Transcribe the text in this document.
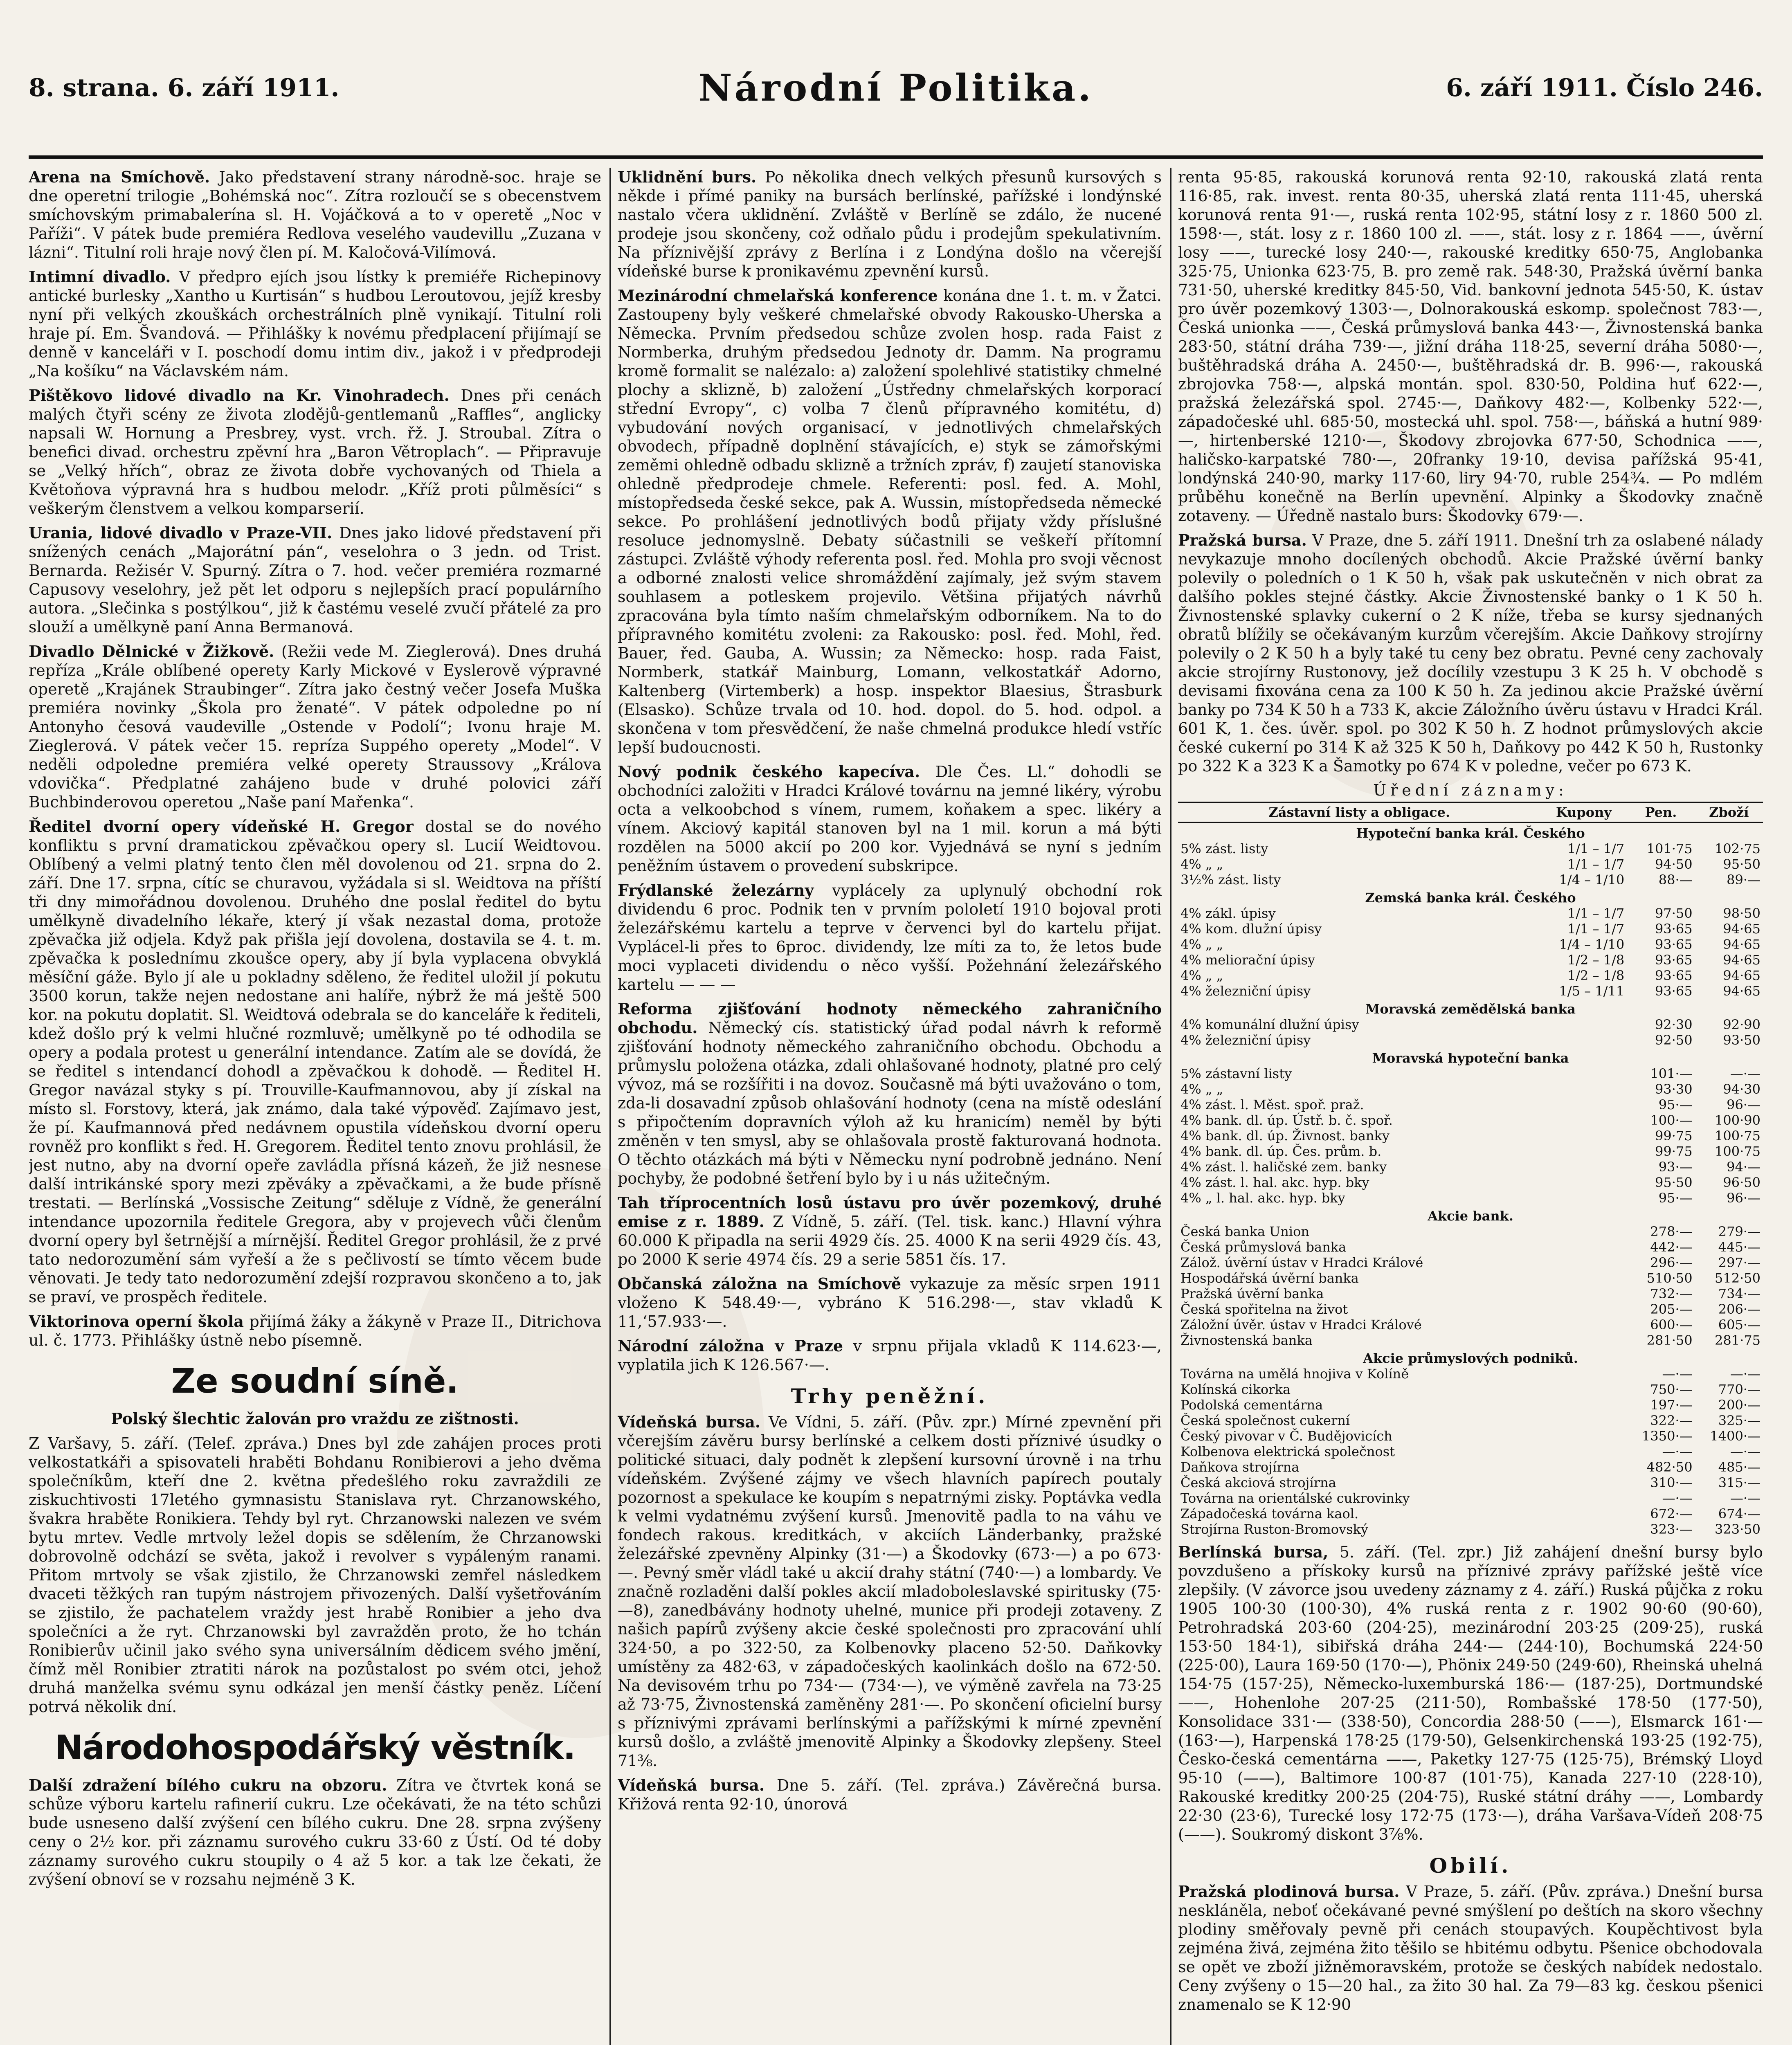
8. strana. 6. září 1911.	Národní Politika.	6. září 1911. Číslo 246.

Arena na Smíchově. Jako představení strany národně-soc. hraje se dne operetní trilogie „Bohémská noc“. Zítra rozloučí se s obecenstvem smíchovským primabalerína sl. H. Vojáčková a to v operetě „Noc v Paříži“. V pátek bude premiéra Redlova veselého vaudevillu „Zuzana v lázni“. Titulní roli hraje nový člen pí. M. Kaločová-Vilímová.

Intimní divadlo. V předpro ejích jsou lístky k premiéře Richepinovy antické burlesky „Xantho u Kurtisán“ s hudbou Leroutovou, jejíž kresby nyní při velkých zkouškách orchestrálních plně vynikají. Titulní roli hraje pí. Em. Švandová. — Přihlášky k novému předplacení přijímají se denně v kanceláři v I. poschodí domu intim div., jakož i v předprodeji „Na košíku“ na Václavském nám.

Pištěkovo lidové divadlo na Kr. Vinohradech. Dnes při cenách malých čtyři scény ze života zlodějů-gentlemanů „Raffles“, anglicky napsali W. Hornung a Presbrey, vyst. vrch. řž. J. Stroubal. Zítra o benefici divad. orchestru zpěvní hra „Baron Větroplach“. — Připravuje se „Velký hřích“, obraz ze života dobře vychovaných od Thiela a Květoňova výpravná hra s hudbou melodr. „Kříž proti půlměsíci“ s veškerým členstvem a velkou komparserií.

Urania, lidové divadlo v Praze-VII. Dnes jako lidové představení při snížených cenách „Majorátní pán“, veselohra o 3 jedn. od Trist. Bernarda. Režisér V. Spurný. Zítra o 7. hod. večer premiéra rozmarné Capusovy veselohry, jež pět let odporu s nejlepších prací populárního autora. „Slečinka s postýlkou“, již k častému veselé zvučí přátelé za pro slouží a umělkyně paní Anna Bermanová.

Divadlo Dělnické v Žižkově. (Režii vede M. Zieglerová). Dnes druhá repříza „Krále oblíbené operety Karly Mickové v Eyslerově výpravné operetě „Krajánek Straubinger“. Zítra jako čestný večer Josefa Muška premiéra novinky „Škola pro ženaté“. V pátek odpoledne po ní Antonyho česová vaudeville „Ostende v Podolí“; Ivonu hraje M. Zieglerová. V pátek večer 15. repríza Suppého operety „Model“. V neděli odpoledne premiéra velké operety Straussovy „Králova vdovička“. Předplatné zahájeno bude v druhé polovici září Buchbinderovou operetou „Naše paní Mařenka“.

Ředitel dvorní opery vídeňské H. Gregor dostal se do nového konfliktu s první dramatickou zpěvačkou opery sl. Lucií Weidtovou. Oblíbený a velmi platný tento člen měl dovolenou od 21. srpna do 2. září. Dne 17. srpna, cítíc se churavou, vyžádala si sl. Weidtova na příští tři dny mimořádnou dovolenou. Druhého dne poslal ředitel do bytu umělkyně divadelního lékaře, který jí však nezastal doma, protože zpěvačka již odjela. Když pak přišla její dovolena, dostavila se 4. t. m. zpěvačka k poslednímu zkoušce opery, aby jí byla vyplacena obvyklá měsíční gáže. Bylo jí ale u pokladny sděleno, že ředitel uložil jí pokutu 3500 korun, takže nejen nedostane ani halíře, nýbrž že má ještě 500 kor. na pokutu doplatit. Sl. Weidtová odebrala se do kanceláře k řediteli, kdež došlo prý k velmi hlučné rozmluvě; umělkyně po té odhodila se opery a podala protest u generální intendance. Zatím ale se dovídá, že se ředitel s intendancí dohodl a zpěvačkou k dohodě. — Ředitel H. Gregor navázal styky s pí. Trouville-Kaufmannovou, aby jí získal na místo sl. Forstovy, která, jak známo, dala také výpověď. Zajímavo jest, že pí. Kaufmannová před nedávnem opustila vídeňskou dvorní operu rovněž pro konflikt s řed. H. Gregorem. Ředitel tento znovu prohlásil, že jest nutno, aby na dvorní opeře zavládla přísná kázeň, že již nesnese další intrikánské spory mezi zpěváky a zpěvačkami, a že bude přísně trestati. — Berlínská „Vossische Zeitung“ sděluje z Vídně, že generální intendance upozornila ředitele Gregora, aby v projevech vůči členům dvorní opery byl šetrnější a mírnější. Ředitel Gregor prohlásil, že z prvé tato nedorozumění sám vyřeší a že s pečlivostí se tímto věcem bude věnovati. Je tedy tato nedorozumění zdejší rozpravou skončeno a to, jak se praví, ve prospěch ředitele.

Viktorinova operní škola přijímá žáky a žákyně v Praze II., Ditrichova ul. č. 1773. Přihlášky ústně nebo písemně.

Ze soudní síně.

Polský šlechtic žalován pro vraždu ze zištnosti.

Z Varšavy, 5. září. (Telef. zpráva.) Dnes byl zde zahájen proces proti velkostatkáři a spisovateli hraběti Bohdanu Ronibierovi a jeho dvěma společníkům, kteří dne 2. května předešlého roku zavraždili ze ziskuchtivosti 17letého gymnasistu Stanislava ryt. Chrzanowského, švakra hraběte Ronikiera. Tehdy byl ryt. Chrzanowski nalezen ve svém bytu mrtev. Vedle mrtvoly ležel dopis se sdělením, že Chrzanowski dobrovolně odchází se světa, jakož i revolver s vypáleným ranami. Přitom mrtvoly se však zjistilo, že Chrzanowski zemřel následkem dvaceti těžkých ran tupým nástrojem přivozených. Další vyšetřováním se zjistilo, že pachatelem vraždy jest hrabě Ronibier a jeho dva společníci a že ryt. Chrzanowski byl zavražděn proto, že ho tchán Ronibierův učinil jako svého syna universálním dědicem svého jmění, čímž měl Ronibier ztratiti nárok na pozůstalost po svém otci, jehož druhá manželka svému synu odkázal jen menší částky peněz. Líčení potrvá několik dní.

Národohospodářský věstník.

Další zdražení bílého cukru na obzoru. Zítra ve čtvrtek koná se schůze výboru kartelu rafinerií cukru. Lze očekávati, že na této schůzi bude usneseno další zvýšení cen bílého cukru. Dne 28. srpna zvýšeny ceny o 2½ kor. při záznamu surového cukru 33·60 z Ústí. Od té doby záznamy surového cukru stoupily o 4 až 5 kor. a tak lze čekati, že zvýšení obnoví se v rozsahu nejméně 3 K.

Uklidnění burs. Po několika dnech velkých přesunů kursových s někde i přímé paniky na bursách berlínské, pařížské i londýnské nastalo včera uklidnění. Zvláště v Berlíně se zdálo, že nucené prodeje jsou skončeny, což odňalo půdu i prodejům spekulativním. Na příznivější zprávy z Berlína i z Londýna došlo na včerejší vídeňské burse k pronikavému zpevnění kursů.

Mezinárodní chmelařská konference konána dne 1. t. m. v Žatci. Zastoupeny byly veškeré chmelařské obvody Rakousko-Uherska a Německa. Prvním předsedou schůze zvolen hosp. rada Faist z Normberka, druhým předsedou Jednoty dr. Damm. Na programu kromě formalit se nalézalo: a) založení spolehlivé statistiky chmelné plochy a sklizně, b) založení „Ústředny chmelařských korporací střední Evropy“, c) volba 7 členů přípravného komitétu, d) vybudování nových organisací, v jednotlivých chmelařských obvodech, případně doplnění stávajících, e) styk se zámořskými zeměmi ohledně odbadu sklizně a tržních zpráv, f) zaujetí stanoviska ohledně předprodeje chmele. Referenti: posl. fed. A. Mohl, místopředseda české sekce, pak A. Wussin, místopředseda německé sekce. Po prohlášení jednotlivých bodů přijaty vždy příslušné resoluce jednomyslně. Debaty súčastnili se veškeří přítomní zástupci. Zvláště výhody referenta posl. řed. Mohla pro svoji věcnost a odborné znalosti velice shromáždění zajímaly, jež svým stavem souhlasem a potleskem projevilo. Většina přijatých návrhů zpracována byla tímto naším chmelařským odborníkem. Na to do přípravného komitétu zvoleni: za Rakousko: posl. řed. Mohl, řed. Bauer, řed. Gauba, A. Wussin; za Německo: hosp. rada Faist, Normberk, statkář Mainburg, Lomann, velkostatkář Adorno, Kaltenberg (Virtemberk) a hosp. inspektor Blaesius, Štrasburk (Elsasko). Schůze trvala od 10. hod. dopol. do 5. hod. odpol. a skončena v tom přesvědčení, že naše chmelná produkce hledí vstříc lepší budoucnosti.

Nový podnik českého kapecíva. Dle Čes. Ll.“ dohodli se obchodníci založiti v Hradci Králové továrnu na jemné likéry, výrobu octa a velkoobchod s vínem, rumem, koňakem a spec. likéry a vínem. Akciový kapitál stanoven byl na 1 mil. korun a má býti rozdělen na 5000 akcií po 200 kor. Vyjednává se nyní s jedním peněžním ústavem o provedení subskripce.

Frýdlanské železárny vyplácely za uplynulý obchodní rok dividendu 6 proc. Podnik ten v prvním pololetí 1910 bojoval proti železářskému kartelu a teprve v červenci byl do kartelu přijat. Vyplácel-li přes to 6proc. dividendy, lze míti za to, že letos bude moci vyplaceti dividendu o něco vyšší. Požehnání železářského kartelu — — —

Reforma zjišťování hodnoty německého zahraničního obchodu. Německý cís. statistický úřad podal návrh k reformě zjišťování hodnoty německého zahraničního obchodu. Obchodu a průmyslu položena otázka, zdali ohlašované hodnoty, platné pro celý vývoz, má se rozšířiti i na dovoz. Současně má býti uvažováno o tom, zda-li dosavadní způsob ohlašování hodnoty (cena na místě odeslání s připočtením dopravních výloh až ku hranicím) neměl by býti změněn v ten smysl, aby se ohlašovala prostě fakturovaná hodnota. O těchto otázkách má býti v Německu nyní podrobně jednáno. Není pochyby, že podobné šetření bylo by i u nás užitečným.

Tah tříprocentních losů ústavu pro úvěr pozemkový, druhé emise z r. 1889. Z Vídně, 5. září. (Tel. tisk. kanc.) Hlavní výhra 60.000 K připadla na serii 4929 čís. 25. 4000 K na serii 4929 čís. 43, po 2000 K serie 4974 čís. 29 a serie 5851 čís. 17.

Občanská záložna na Smíchově vykazuje za měsíc srpen 1911 vloženo K 548.49·—, vybráno K 516.298·—, stav vkladů K 11,‘57.933·—.

Národní záložna v Praze v srpnu přijala vkladů K 114.623·—, vyplatila jich K 126.567·—.

Trhy peněžní.

Vídeňská bursa. Ve Vídni, 5. září. (Pův. zpr.) Mírné zpevnění při včerejším závěru bursy berlínské a celkem dosti příznivé úsudky o politické situaci, daly podnět k zlepšení kursovní úrovně i na trhu vídeňském. Zvýšené zájmy ve všech hlavních papírech poutaly pozornost a spekulace ke koupím s nepatrnými zisky. Poptávka vedla k velmi vydatnému zvýšení kursů. Jmenovitě padla to na váhu ve fondech rakous. kreditkách, v akciích Länderbanky, pražské železářské zpevněny Alpinky (31·—) a Škodovky (673·—) a po 673·—. Pevný směr vládl také u akcií drahy státní (740·—) a lombardy. Ve značně rozladěni další pokles akcií mladoboleslavské spiritusky (75·—8), zanedbávány hodnoty uhelné, munice při prodeji zotaveny. Z našich papírů zvýšeny akcie české společnosti pro zpracování uhlí 324·50, a po 322·50, za Kolbenovky placeno 52·50. Daňkovky umístěny za 482·63, v západočeských kaolinkách došlo na 672·50. Na devisovém trhu po 734·— (734·—), ve výměně zavřela na 73·25 až 73·75, Živnostenská zaměněny 281·—. Po skončení oficielní bursy s příznivými zprávami berlínskými a pařížskými k mírné zpevnění kursů došlo, a zvláště jmenovitě Alpinky a Škodovky zlepšeny. Steel 71⅜.

Vídeňská bursa. Dne 5. září. (Tel. zpráva.) Závěrečná bursa. Křižová renta 92·10, únorová

renta 95·85, rakouská korunová renta 92·10, rakouská zlatá renta 116·85, rak. invest. renta 80·35, uherská zlatá renta 111·45, uherská korunová renta 91·—, ruská renta 102·95, státní losy z r. 1860 500 zl. 1598·—, stát. losy z r. 1860 100 zl. ——, stát. losy z r. 1864 ——, úvěrní losy ——, turecké losy 240·—, rakouské kreditky 650·75, Anglobanka 325·75, Unionka 623·75, B. pro země rak. 548·30, Pražská úvěrní banka 731·50, uherské kreditky 845·50, Vid. bankovní jednota 545·50, K. ústav pro úvěr pozemkový 1303·—, Dolnorakouská eskomp. společnost 783·—, Česká unionka ——, Česká průmyslová banka 443·—, Živnostenská banka 283·50, státní dráha 739·—, jižní dráha 118·25, severní dráha 5080·—, buštěhradská dráha A. 2450·—, buštěhradská dr. B. 996·—, rakouská zbrojovka 758·—, alpská montán. spol. 830·50, Poldina huť 622·—, pražská železářská spol. 2745·—, Daňkovy 482·—, Kolbenky 522·—, západočeské uhl. 685·50, mostecká uhl. spol. 758·—, báňská a hutní 989·—, hirtenberské 1210·—, Škodovy zbrojovka 677·50, Schodnica ——, haličsko-karpatské 780·—, 20franky 19·10, devisa pařížská 95·41, londýnská 240·90, marky 117·60, liry 94·70, ruble 254¾. — Po mdlém průběhu konečně na Berlín upevnění. Alpinky a Škodovky značně zotaveny. — Úředně nastalo burs: Škodovky 679·—.

Pražská bursa. V Praze, dne 5. září 1911. Dnešní trh za oslabené nálady nevykazuje mnoho docílených obchodů. Akcie Pražské úvěrní banky polevily o poledních o 1 K 50 h, však pak uskutečněn v nich obrat za dalšího pokles stejné částky. Akcie Živnostenské banky o 1 K 50 h. Živnostenské splavky cukerní o 2 K níže, třeba se kursy sjednaných obratů blížily se očekávaným kurzům včerejším. Akcie Daňkovy strojírny polevily o 2 K 50 h a byly také tu ceny bez obratu. Pevné ceny zachovaly akcie strojírny Rustonovy, jež docílily vzestupu 3 K 25 h. V obchodě s devisami fixována cena za 100 K 50 h. Za jedinou akcie Pražské úvěrní banky po 734 K 50 h a 733 K, akcie Záložního úvěru ústavu v Hradci Král. 601 K, 1. čes. úvěr. spol. po 302 K 50 h. Z hodnot průmyslových akcie české cukerní po 314 K až 325 K 50 h, Daňkovy po 442 K 50 h, Rustonky po 322 K a 323 K a Šamotky po 674 K v poledne, večer po 673 K.

Úřední záznamy:
Zástavní listy a obligace.	Kupony	Pen.	Zboží
Hypoteční banka král. Českého			
5% zást. listy	1/1 – 1/7	101·75	102·75
4% „ „	1/1 – 1/7	94·50	95·50
3½% zást. listy	1/4 – 1/10	88·—	89·—
Zemská banka král. Českého			
4% zákl. úpisy	1/1 – 1/7	97·50	98·50
4% kom. dlužní úpisy	1/1 – 1/7	93·65	94·65
4% „ „	1/4 – 1/10	93·65	94·65
4% meliorační úpisy	1/2 – 1/8	93·65	94·65
4% „ „	1/2 – 1/8	93·65	94·65
4% železniční úpisy	1/5 – 1/11	93·65	94·65
Moravská zemědělská banka			
4% komunální dlužní úpisy		92·30	92·90
4% železniční úpisy		92·50	93·50
Moravská hypoteční banka			
5% zástavní listy		101·—	—·—
4% „ „		93·30	94·30
4% zást. l. Měst. spoř. praž.		95·—	96·—
4% bank. dl. úp. Ústř. b. č. spoř.		100·—	100·90
4% bank. dl. úp. Živnost. banky		99·75	100·75
4% bank. dl. úp. Čes. prům. b.		99·75	100·75
4% zást. l. haličské zem. banky		93·—	94·—
4% zást. l. hal. akc. hyp. bky		95·50	96·50
4% „ l. hal. akc. hyp. bky		95·—	96·—
Akcie bank.			
Česká banka Union		278·—	279·—
Česká průmyslová banka		442·—	445·—
Zálož. úvěrní ústav v Hradci Králové		296·—	297·—
Hospodářská úvěrní banka		510·50	512·50
Pražská úvěrní banka		732·—	734·—
Česká spořitelna na život		205·—	206·—
Záložní úvěr. ústav v Hradci Králové		600·—	605·—
Živnostenská banka		281·50	281·75
Akcie průmyslových podniků.			
Továrna na umělá hnojiva v Kolíně		—·—	—·—
Kolínská cikorka		750·—	770·—
Podolská cementárna		197·—	200·—
Česká společnost cukerní		322·—	325·—
Český pivovar v Č. Budějovicích		1350·—	1400·—
Kolbenova elektrická společnost		—·—	—·—
Daňkova strojírna		482·50	485·—
Česká akciová strojírna		310·—	315·—
Továrna na orientálské cukrovinky		—·—	—·—
Západočeská továrna kaol.		672·—	674·—
Strojírna Ruston-Bromovský		323·—	323·50

Berlínská bursa, 5. září. (Tel. zpr.) Již zahájení dnešní bursy bylo povzdušeno a přískoky kursů na příznivé zprávy pařížské ještě více zlepšily. (V závorce jsou uvedeny záznamy z 4. září.) Ruská půjčka z roku 1905 100·30 (100·30), 4% ruská renta z r. 1902 90·60 (90·60), Petrohradská 203·60 (204·25), mezinárodní 203·25 (209·25), ruská 153·50 184·1), sibiřská dráha 244·— (244·10), Bochumská 224·50 (225·00), Laura 169·50 (170·—), Phönix 249·50 (249·60), Rheinská uhelná 154·75 (157·25), Německo-luxemburská 186·— (187·25), Dortmundské ——, Hohenlohe 207·25 (211·50), Rombašské 178·50 (177·50), Konsolidace 331·— (338·50), Concordia 288·50 (——), Elsmarck 161·— (163·—), Harpenská 178·25 (179·50), Gelsenkirchenská 193·25 (192·75), Česko-česká cementárna ——, Paketky 127·75 (125·75), Brémský Lloyd 95·10 (——), Baltimore 100·87 (101·75), Kanada 227·10 (228·10), Rakouské kreditky 200·25 (204·75), Ruské státní dráhy ——, Lombardy 22·30 (23·6), Turecké losy 172·75 (173·—), dráha Varšava-Vídeň 208·75 (——). Soukromý diskont 3⅞%.

Obilí.

Pražská plodinová bursa. V Praze, 5. září. (Pův. zpráva.) Dnešní bursa neskláněla, neboť očekávané pevné smýšlení po deštích na skoro všechny plodiny směřovaly pevně při cenách stoupavých. Koupěchtivost byla zejména živá, zejména žito těšilo se hbitému odbytu. Pšenice obchodovala se opět ve zboží jižněmoravském, protože se českých nabídek nedostalo. Ceny zvýšeny o 15—20 hal., za žito 30 hal. Za 79—83 kg. českou pšenici znamenalo se K 12·90
